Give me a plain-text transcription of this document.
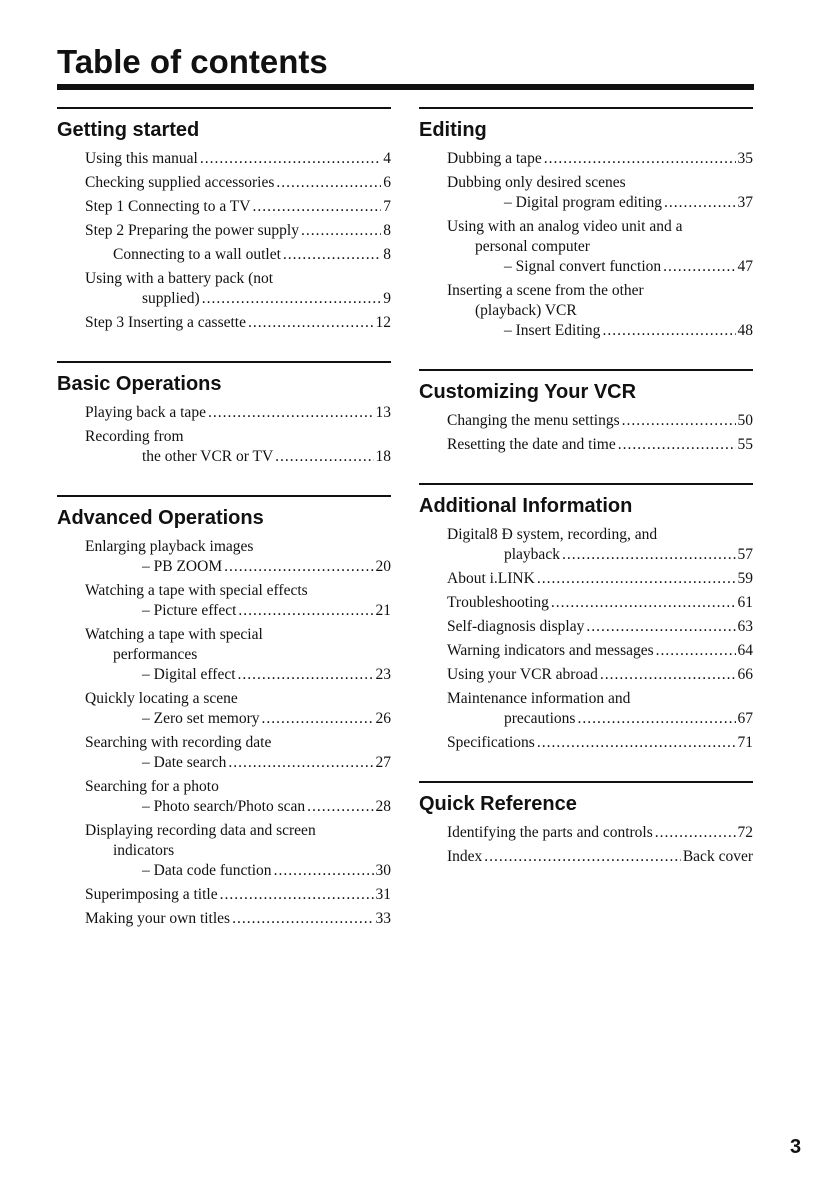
Table of contents
Getting started
Using this manual .....	4
Checking supplied accessories .....	6
Step 1 Connecting to a TV .....	7
Step 2 Preparing the power supply .....	8
Connecting to a wall outlet .....	8
Using with a battery pack (not
supplied) .....	9
Step 3 Inserting a cassette .....	12
Basic Operations
Playing back a tape .....	13
Recording from
the other VCR or TV .....	18
Advanced Operations
Enlarging playback images
– PB ZOOM .....	20
Watching a tape with special effects
– Picture effect .....	21
Watching a tape with special
performances
– Digital effect .....	23
Quickly locating a scene
– Zero set memory .....	26
Searching with recording date
– Date search .....	27
Searching for a photo
– Photo search/Photo scan .....	28
Displaying recording data and screen
indicators
– Data code function .....	30
Superimposing a title .....	31
Making your own titles .....	33
Editing
Dubbing a tape .....	35
Dubbing only desired scenes
– Digital program editing .....	37
Using with an analog video unit and a
personal computer
– Signal convert function .....	47
Inserting a scene from the other
(playback) VCR
– Insert Editing .....	48
Customizing Your VCR
Changing the menu settings .....	50
Resetting the date and time .....	55
Additional Information
Digital8 Đ system, recording, and
playback .....	57
About i.LINK .....	59
Troubleshooting .....	61
Self-diagnosis display .....	63
Warning indicators and messages .....	64
Using your VCR abroad .....	66
Maintenance information and
precautions .....	67
Specifications .....	71
Quick Reference
Identifying the parts and controls .....	72
Index .....	Back cover
3
